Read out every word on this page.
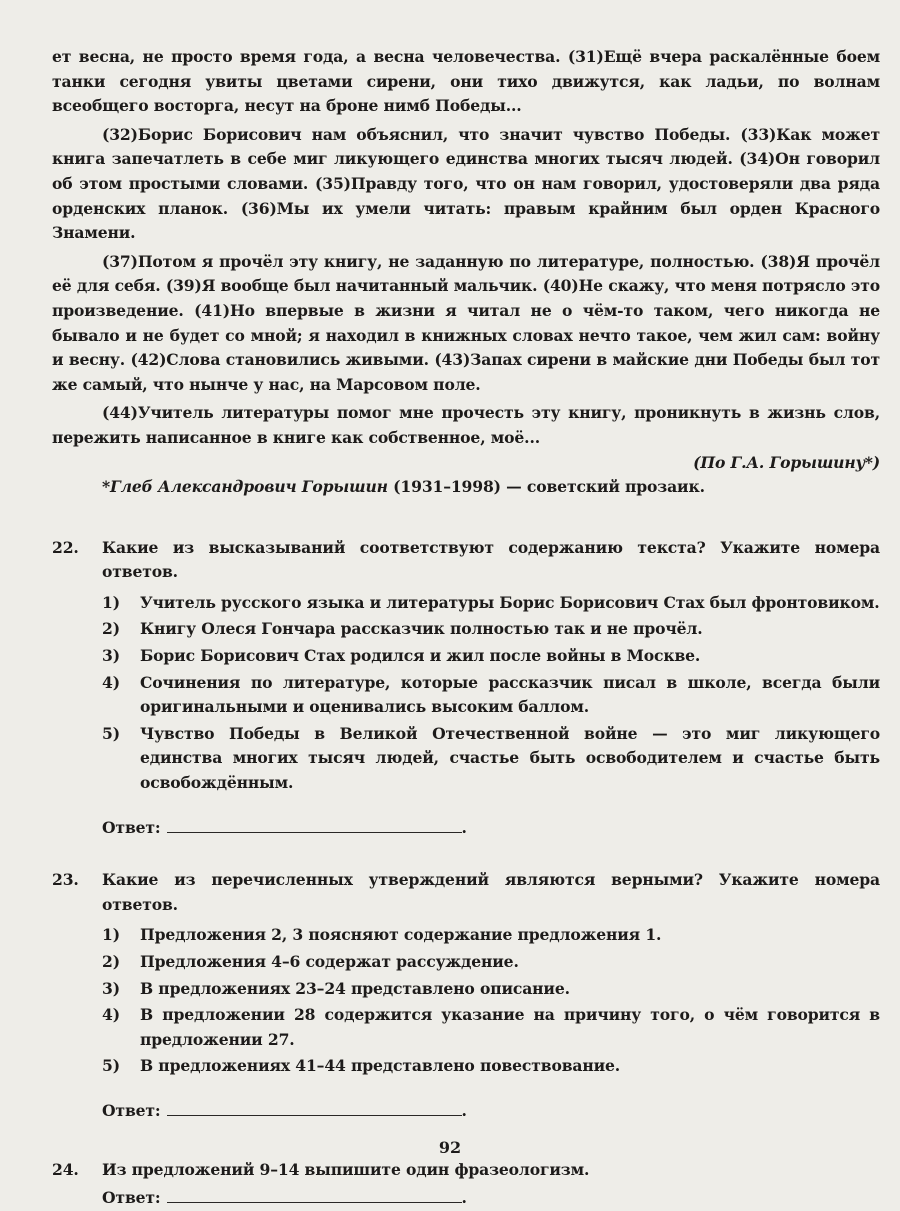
ет весна, не просто время года, а весна человечества. (31)Ещё вчера раскалённые боем танки сегодня увиты цветами сирени, они тихо движутся, как ладьи, по волнам всеобщего восторга, несут на броне нимб Победы...

(32)Борис Борисович нам объяснил, что значит чувство Победы. (33)Как может книга запечатлеть в себе миг ликующего единства многих тысяч людей. (34)Он говорил об этом простыми словами. (35)Правду того, что он нам говорил, удостоверяли два ряда орденских планок. (36)Мы их умели читать: правым крайним был орден Красного Знамени.

(37)Потом я прочёл эту книгу, не заданную по литературе, полностью. (38)Я прочёл её для себя. (39)Я вообще был начитанный мальчик. (40)Не скажу, что меня потрясло это произведение. (41)Но впервые в жизни я читал не о чём-то таком, чего никогда не бывало и не будет со мной; я находил в книжных словах нечто такое, чем жил сам: войну и весну. (42)Слова становились живыми. (43)Запах сирени в майские дни Победы был тот же самый, что нынче у нас, на Марсовом поле.

(44)Учитель литературы помог мне прочесть эту книгу, проникнуть в жизнь слов, пережить написанное в книге как собственное, моё...

(По Г.А. Горышину*)

*Глеб Александрович Горышин (1931–1998) — советский прозаик.

22. Какие из высказываний соответствуют содержанию текста? Укажите номера ответов.

1) Учитель русского языка и литературы Борис Борисович Стах был фронтовиком.
2) Книгу Олеся Гончара рассказчик полностью так и не прочёл.
3) Борис Борисович Стах родился и жил после войны в Москве.
4) Сочинения по литературе, которые рассказчик писал в школе, всегда были оригинальными и оценивались высоким баллом.
5) Чувство Победы в Великой Отечественной войне — это миг ликующего единства многих тысяч людей, счастье быть освободителем и счастье быть освобождённым.
Ответ:	.
23. Какие из перечисленных утверждений являются верными? Укажите номера ответов.

1) Предложения 2, 3 поясняют содержание предложения 1.
2) Предложения 4–6 содержат рассуждение.
3) В предложениях 23–24 представлено описание.
4) В предложении 28 содержится указание на причину того, о чём говорится в предложении 27.
5) В предложениях 41–44 представлено повествование.
Ответ:	.
24. Из предложений 9–14 выпишите один фразеологизм.

Ответ:	.
92
